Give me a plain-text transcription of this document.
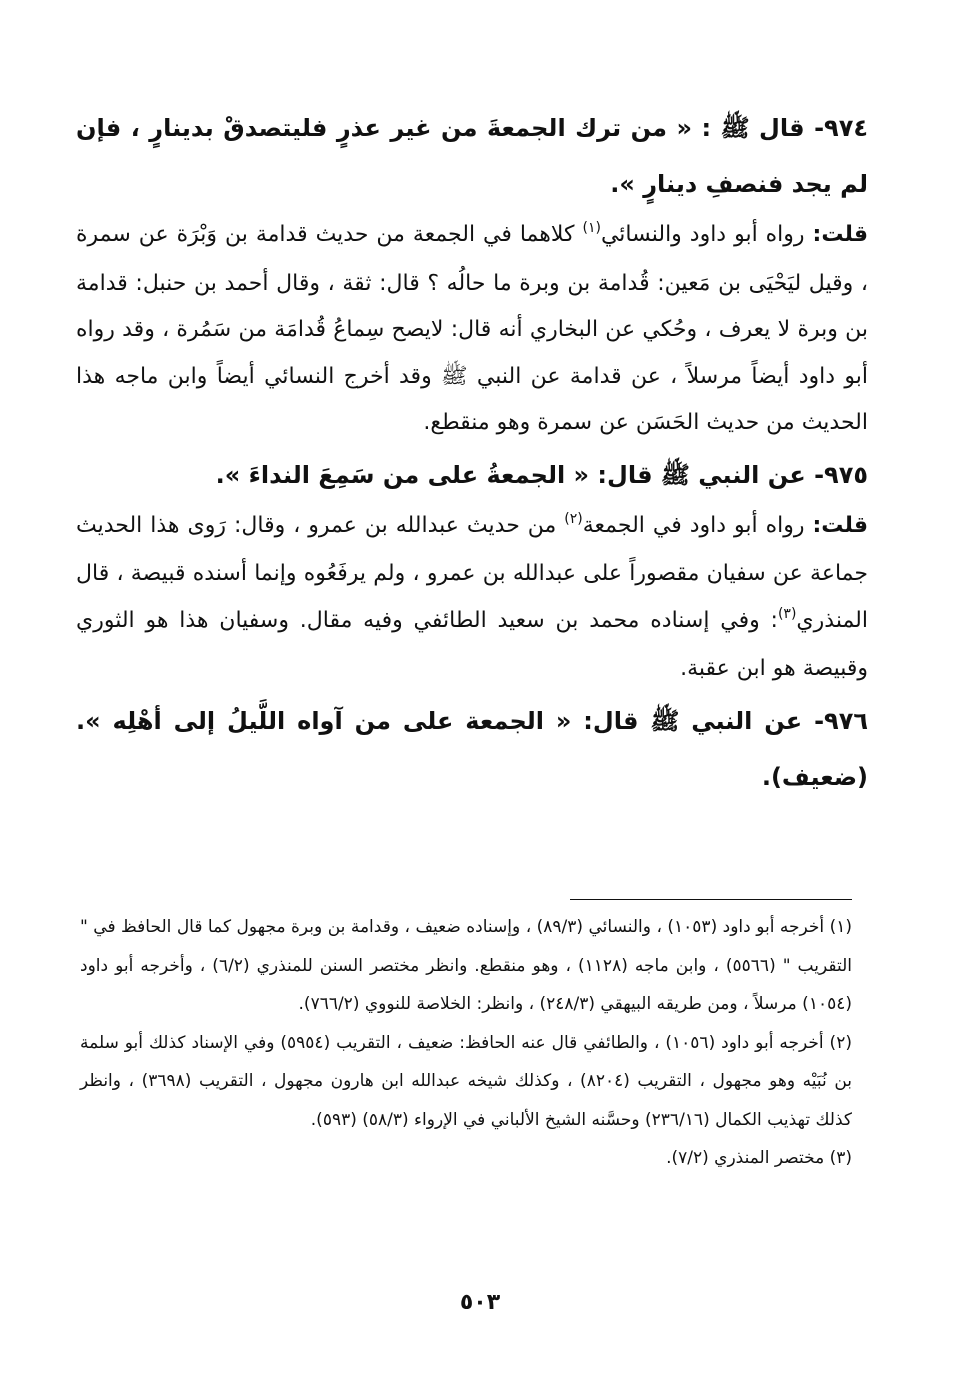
٩٧٤- قال ﷺ : « من ترك الجمعةَ من غير عذرٍ فليتصدقْ بدينارٍ ، فإن لم يجد فنصفِ دينارٍ ».

قلت: رواه أبو داود والنسائي$^{(١)}$ كلاهما في الجمعة من حديث قدامة بن وَبْرَة عن سمرة ، وقيل ليَحْيَى بن مَعين: قُدامة بن وبرة ما حالُه ؟ قال: ثقة ، وقال أحمد بن حنبل: قدامة بن وبرة لا يعرف ، وحُكي عن البخاري أنه قال: لايصح سِماعُ قُدامَة من سَمُرة ، وقد رواه أبو داود أيضاً مرسلاً ، عن قدامة عن النبي ﷺ وقد أخرج النسائي أيضاً وابن ماجه هذا الحديث من حديث الحَسَن عن سمرة وهو منقطع.

٩٧٥- عن النبي ﷺ قال: « الجمعةُ على من سَمِعَ النداءَ ».

قلت: رواه أبو داود في الجمعة$^{(٢)}$ من حديث عبدالله بن عمرو ، وقال: رَوى هذا الحديث جماعة عن سفيان مقصوراً على عبدالله بن عمرو ، ولم يرفَعُوه وإنما أسنده قبيصة ، قال المنذري$^{(٣)}$: وفي إسناده محمد بن سعيد الطائفي وفيه مقال. وسفيان هذا هو الثوري وقبيصة هو ابن عقبة.

٩٧٦- عن النبي ﷺ قال: « الجمعة على من آواه اللَّيلُ إلى أهْلِه ». (ضعيف).

(١) أخرجه أبو داود (١٠٥٣) ، والنسائي (٨٩/٣) ، وإسناده ضعيف ، وقدامة بن وبرة مجهول كما قال الحافظ في " التقريب " (٥٥٦٦) ، وابن ماجه (١١٢٨) ، وهو منقطع. وانظر مختصر السنن للمنذري (٦/٢) ، وأخرجه أبو داود (١٠٥٤) مرسلاً ، ومن طريقه البيهقي (٢٤٨/٣) ، وانظر: الخلاصة للنووي (٧٦٦/٢).

(٢) أخرجه أبو داود (١٠٥٦) ، والطائفي قال عنه الحافظ: ضعيف ، التقريب (٥٩٥٤) وفي الإسناد كذلك أبو سلمة بن نُبَيْه وهو مجهول ، التقريب (٨٢٠٤) ، وكذلك شيخه عبدالله ابن هارون مجهول ، التقريب (٣٦٩٨) ، وانظر كذلك تهذيب الكمال (٢٣٦/١٦) وحسَّنه الشيخ الألباني في الإرواء (٥٨/٣) (٥٩٣).

(٣) مختصر المنذري (٧/٢).

٥٠٣
